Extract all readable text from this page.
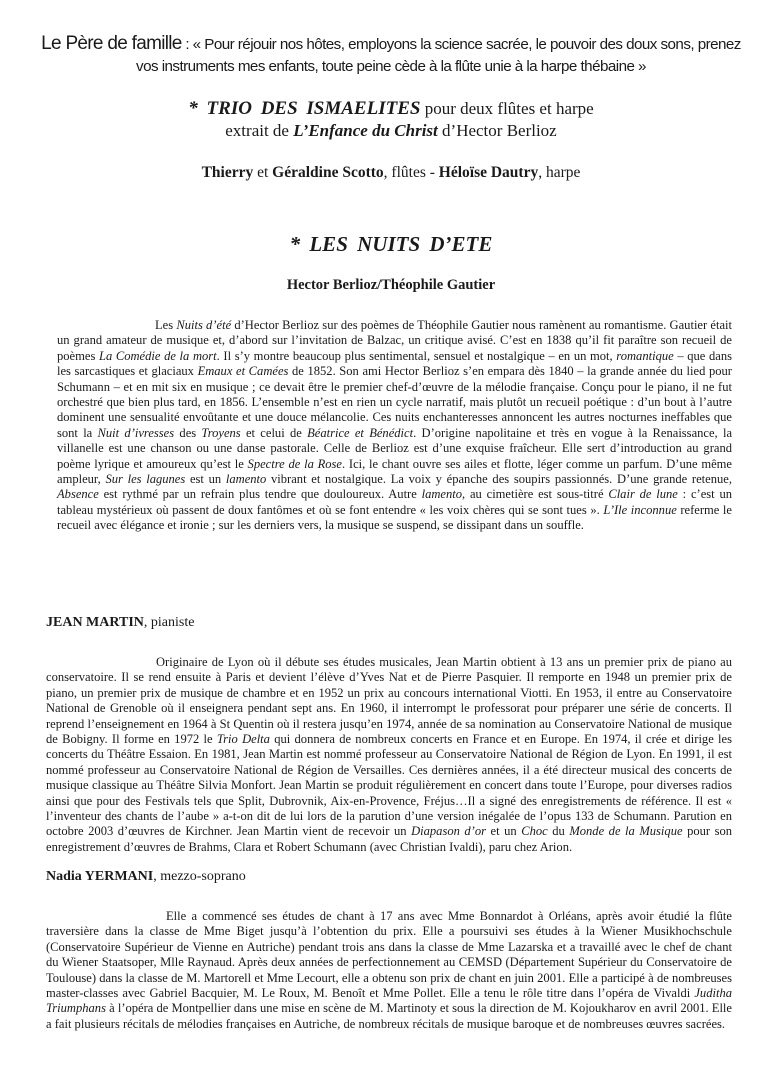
Le Père de famille : « Pour réjouir nos hôtes, employons la science sacrée, le pouvoir des doux sons, prenez vos instruments mes enfants, toute peine cède à la flûte unie à la harpe thébaine »
* TRIO DES ISMAELITES pour deux flûtes et harpe
extrait de L’Enfance du Christ d’Hector Berlioz
Thierry et Géraldine Scotto, flûtes - Héloïse Dautry, harpe
* LES NUITS D’ETE
Hector Berlioz/Théophile Gautier

Les Nuits d’été d’Hector Berlioz sur des poèmes de Théophile Gautier nous ramènent au romantisme. Gautier était un grand amateur de musique et, d’abord sur l’invitation de Balzac, un critique avisé. C’est en 1838 qu’il fit paraître son recueil de poèmes La Comédie de la mort. Il s’y montre beaucoup plus sentimental, sensuel et nostalgique – en un mot, romantique – que dans les sarcastiques et glaciaux Emaux et Camées de 1852. Son ami Hector Berlioz s’en empara dès 1840 – la grande année du lied pour Schumann – et en mit six en musique ; ce devait être le premier chef-d’œuvre de la mélodie française. Conçu pour le piano, il ne fut orchestré que bien plus tard, en 1856. L’ensemble n’est en rien un cycle narratif, mais plutôt un recueil poétique : d’un bout à l’autre dominent une sensualité envoûtante et une douce mélancolie. Ces nuits enchanteresses annoncent les autres nocturnes ineffables que sont la Nuit d’ivresses des Troyens et celui de Béatrice et Bénédict. D’origine napolitaine et très en vogue à la Renaissance, la villanelle est une chanson ou une danse pastorale. Celle de Berlioz est d’une exquise fraîcheur. Elle sert d’introduction au grand poème lyrique et amoureux qu’est le Spectre de la Rose. Ici, le chant ouvre ses ailes et flotte, léger comme un parfum. D’une même ampleur, Sur les lagunes est un lamento vibrant et nostalgique. La voix y épanche des soupirs passionnés. D’une grande retenue, Absence est rythmé par un refrain plus tendre que douloureux. Autre lamento, au cimetière est sous-titré Clair de lune : c’est un tableau mystérieux où passent de doux fantômes et où se font entendre « les voix chères qui se sont tues ». L’Ile inconnue referme le recueil avec élégance et ironie ; sur les derniers vers, la musique se suspend, se dissipant dans un souffle.

JEAN MARTIN, pianiste

Originaire de Lyon où il débute ses études musicales, Jean Martin obtient à 13 ans un premier prix de piano au conservatoire. Il se rend ensuite à Paris et devient l’élève d’Yves Nat et de Pierre Pasquier. Il remporte en 1948 un premier prix de piano, un premier prix de musique de chambre et en 1952 un prix au concours international Viotti. En 1953, il entre au Conservatoire National de Grenoble où il enseignera pendant sept ans. En 1960, il interrompt le professorat pour préparer une série de concerts. Il reprend l’enseignement en 1964 à St Quentin où il restera jusqu’en 1974, année de sa nomination au Conservatoire National de musique de Bobigny. Il forme en 1972 le Trio Delta qui donnera de nombreux concerts en France et en Europe. En 1974, il crée et dirige les concerts du Théâtre Essaion. En 1981, Jean Martin est nommé professeur au Conservatoire National de Région de Lyon. En 1991, il est nommé professeur au Conservatoire National de Région de Versailles. Ces dernières années, il a été directeur musical des concerts de musique classique au Théâtre Silvia Monfort. Jean Martin se produit régulièrement en concert dans toute l’Europe, pour diverses radios ainsi que pour des Festivals tels que Split, Dubrovnik, Aix-en-Provence, Fréjus…Il a signé des enregistrements de référence. Il est « l’inventeur des chants de l’aube » a-t-on dit de lui lors de la parution d’une version inégalée de l’opus 133 de Schumann. Parution en octobre 2003 d’œuvres de Kirchner. Jean Martin vient de recevoir un Diapason d’or et un Choc du Monde de la Musique pour son enregistrement d’œuvres de Brahms, Clara et Robert Schumann (avec Christian Ivaldi), paru chez Arion.

Nadia YERMANI, mezzo-soprano

Elle a commencé ses études de chant à 17 ans avec Mme Bonnardot à Orléans, après avoir étudié la flûte traversière dans la classe de Mme Biget jusqu’à l’obtention du prix. Elle a poursuivi ses études à la Wiener Musikhochschule (Conservatoire Supérieur de Vienne en Autriche) pendant trois ans dans la classe de Mme Lazarska et a travaillé avec le chef de chant du Wiener Staatsoper, Mlle Raynaud. Après deux années de perfectionnement au CEMSD (Département Supérieur du Conservatoire de Toulouse) dans la classe de M. Martorell et Mme Lecourt, elle a obtenu son prix de chant en juin 2001. Elle a participé à de nombreuses master-classes avec Gabriel Bacquier, M. Le Roux, M. Benoît et Mme Pollet. Elle a tenu le rôle titre dans l’opéra de Vivaldi Juditha Triumphans à l’opéra de Montpellier dans une mise en scène de M. Martinoty et sous la direction de M. Kojoukharov en avril 2001. Elle a fait plusieurs récitals de mélodies françaises en Autriche, de nombreux récitals de musique baroque et de nombreuses œuvres sacrées.
